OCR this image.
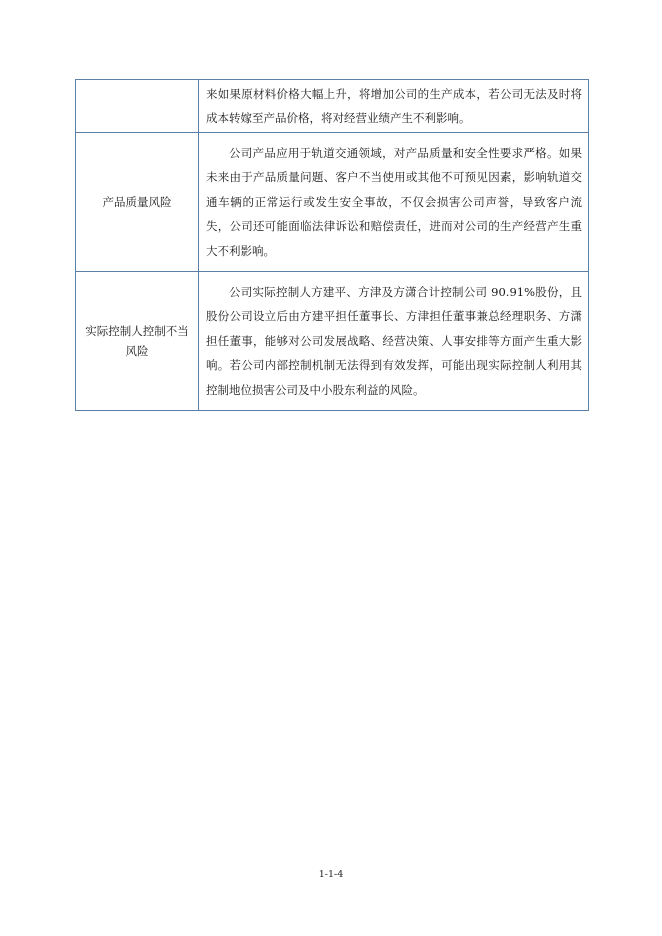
	来如果原材料价格大幅上升，将增加公司的生产成本，若公司无法及时将成本转嫁至产品价格，将对经营业绩产生不利影响。

产品质量风险	公司产品应用于轨道交通领域，对产品质量和安全性要求严格。如果未来由于产品质量问题、客户不当使用或其他不可预见因素，影响轨道交通车辆的正常运行或发生安全事故，不仅会损害公司声誉，导致客户流失，公司还可能面临法律诉讼和赔偿责任，进而对公司的生产经营产生重大不利影响。

实际控制人控制不当风险	公司实际控制人方建平、方津及方潇合计控制公司 90.91%股份，且股份公司设立后由方建平担任董事长、方津担任董事兼总经理职务、方潇担任董事，能够对公司发展战略、经营决策、人事安排等方面产生重大影响。若公司内部控制机制无法得到有效发挥，可能出现实际控制人利用其控制地位损害公司及中小股东利益的风险。
1-1-4
